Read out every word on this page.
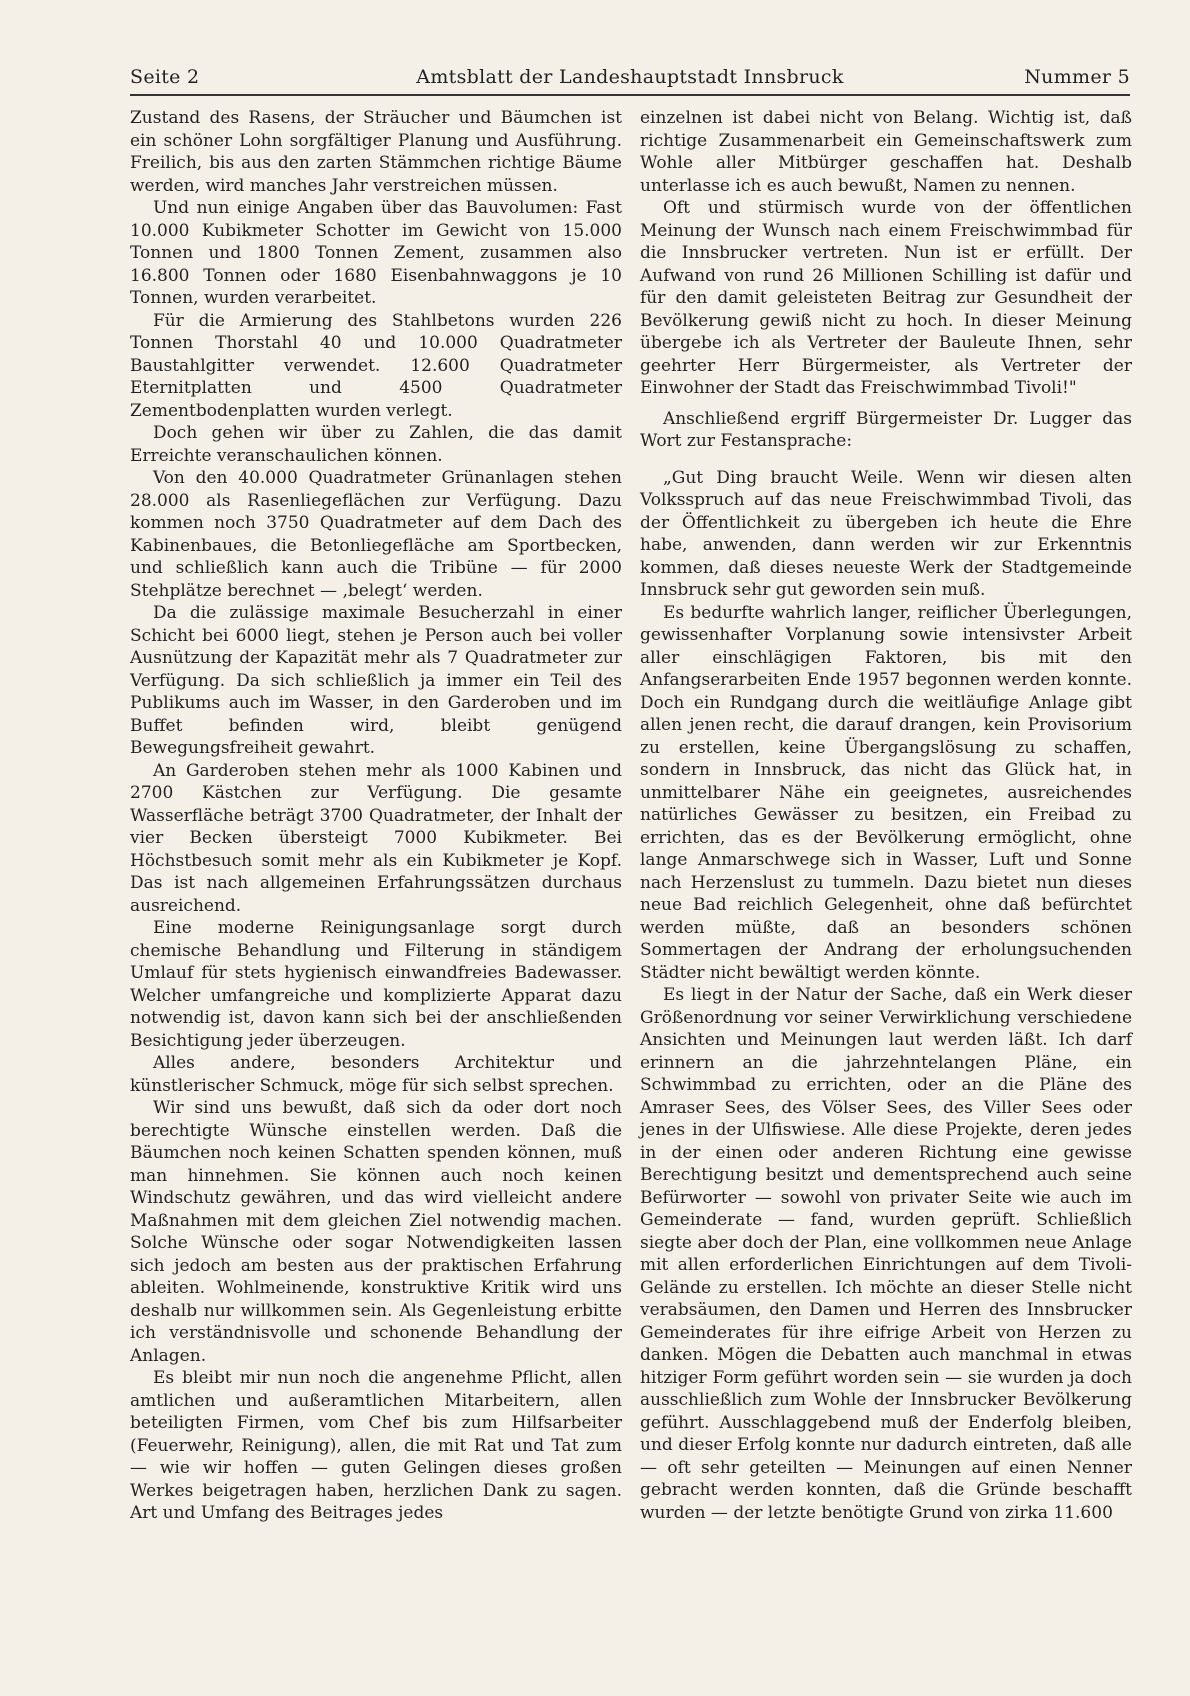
Seite 2	Amtsblatt der Landeshauptstadt Innsbruck	Nummer 5

Zustand des Rasens, der Sträucher und Bäumchen ist ein schöner Lohn sorgfältiger Planung und Ausführung. Freilich, bis aus den zarten Stämmchen richtige Bäume werden, wird manches Jahr verstreichen müssen.

Und nun einige Angaben über das Bauvolumen: Fast 10.000 Kubikmeter Schotter im Gewicht von 15.000 Tonnen und 1800 Tonnen Zement, zusammen also 16.800 Tonnen oder 1680 Eisenbahnwaggons je 10 Tonnen, wurden verarbeitet.

Für die Armierung des Stahlbetons wurden 226 Tonnen Thorstahl 40 und 10.000 Quadratmeter Baustahlgitter verwendet. 12.600 Quadratmeter Eternitplatten und 4500 Quadratmeter Zementbodenplatten wurden verlegt.

Doch gehen wir über zu Zahlen, die das damit Erreichte veranschaulichen können.

Von den 40.000 Quadratmeter Grünanlagen stehen 28.000 als Rasenliegeflächen zur Verfügung. Dazu kommen noch 3750 Quadratmeter auf dem Dach des Kabinenbaues, die Betonliegefläche am Sportbecken, und schließlich kann auch die Tribüne — für 2000 Stehplätze berechnet — ‚belegt‘ werden.

Da die zulässige maximale Besucherzahl in einer Schicht bei 6000 liegt, stehen je Person auch bei voller Ausnützung der Kapazität mehr als 7 Quadratmeter zur Verfügung. Da sich schließlich ja immer ein Teil des Publikums auch im Wasser, in den Garderoben und im Buffet befinden wird, bleibt genügend Bewegungsfreiheit gewahrt.

An Garderoben stehen mehr als 1000 Kabinen und 2700 Kästchen zur Verfügung. Die gesamte Wasserfläche beträgt 3700 Quadratmeter, der Inhalt der vier Becken übersteigt 7000 Kubikmeter. Bei Höchstbesuch somit mehr als ein Kubikmeter je Kopf. Das ist nach allgemeinen Erfahrungssätzen durchaus ausreichend.

Eine moderne Reinigungsanlage sorgt durch chemische Behandlung und Filterung in ständigem Umlauf für stets hygienisch einwandfreies Badewasser. Welcher umfangreiche und komplizierte Apparat dazu notwendig ist, davon kann sich bei der anschließenden Besichtigung jeder überzeugen.

Alles andere, besonders Architektur und künstlerischer Schmuck, möge für sich selbst sprechen.

Wir sind uns bewußt, daß sich da oder dort noch berechtigte Wünsche einstellen werden. Daß die Bäumchen noch keinen Schatten spenden können, muß man hinnehmen. Sie können auch noch keinen Windschutz gewähren, und das wird vielleicht andere Maßnahmen mit dem gleichen Ziel notwendig machen. Solche Wünsche oder sogar Notwendigkeiten lassen sich jedoch am besten aus der praktischen Erfahrung ableiten. Wohlmeinende, konstruktive Kritik wird uns deshalb nur willkommen sein. Als Gegenleistung erbitte ich verständnisvolle und schonende Behandlung der Anlagen.

Es bleibt mir nun noch die angenehme Pflicht, allen amtlichen und außeramtlichen Mitarbeitern, allen beteiligten Firmen, vom Chef bis zum Hilfsarbeiter (Feuerwehr, Reinigung), allen, die mit Rat und Tat zum — wie wir hoffen — guten Gelingen dieses großen Werkes beigetragen haben, herzlichen Dank zu sagen. Art und Umfang des Beitrages jedes

einzelnen ist dabei nicht von Belang. Wichtig ist, daß richtige Zusammenarbeit ein Gemeinschaftswerk zum Wohle aller Mitbürger geschaffen hat. Deshalb unterlasse ich es auch bewußt, Namen zu nennen.

Oft und stürmisch wurde von der öffentlichen Meinung der Wunsch nach einem Freischwimmbad für die Innsbrucker vertreten. Nun ist er erfüllt. Der Aufwand von rund 26 Millionen Schilling ist dafür und für den damit geleisteten Beitrag zur Gesundheit der Bevölkerung gewiß nicht zu hoch. In dieser Meinung übergebe ich als Vertreter der Bauleute Ihnen, sehr geehrter Herr Bürgermeister, als Vertreter der Einwohner der Stadt das Freischwimmbad Tivoli!"

Anschließend ergriff Bürgermeister Dr. Lugger das Wort zur Festansprache:

„Gut Ding braucht Weile. Wenn wir diesen alten Volksspruch auf das neue Freischwimmbad Tivoli, das der Öffentlichkeit zu übergeben ich heute die Ehre habe, anwenden, dann werden wir zur Erkenntnis kommen, daß dieses neueste Werk der Stadtgemeinde Innsbruck sehr gut geworden sein muß.

Es bedurfte wahrlich langer, reiflicher Überlegungen, gewissenhafter Vorplanung sowie intensivster Arbeit aller einschlägigen Faktoren, bis mit den Anfangserarbeiten Ende 1957 begonnen werden konnte. Doch ein Rundgang durch die weitläufige Anlage gibt allen jenen recht, die darauf drangen, kein Provisorium zu erstellen, keine Übergangslösung zu schaffen, sondern in Innsbruck, das nicht das Glück hat, in unmittelbarer Nähe ein geeignetes, ausreichendes natürliches Gewässer zu besitzen, ein Freibad zu errichten, das es der Bevölkerung ermöglicht, ohne lange Anmarschwege sich in Wasser, Luft und Sonne nach Herzenslust zu tummeln. Dazu bietet nun dieses neue Bad reichlich Gelegenheit, ohne daß befürchtet werden müßte, daß an besonders schönen Sommertagen der Andrang der erholungsuchenden Städter nicht bewältigt werden könnte.

Es liegt in der Natur der Sache, daß ein Werk dieser Größenordnung vor seiner Verwirklichung verschiedene Ansichten und Meinungen laut werden läßt. Ich darf erinnern an die jahrzehntelangen Pläne, ein Schwimmbad zu errichten, oder an die Pläne des Amraser Sees, des Völser Sees, des Viller Sees oder jenes in der Ulfiswiese. Alle diese Projekte, deren jedes in der einen oder anderen Richtung eine gewisse Berechtigung besitzt und dementsprechend auch seine Befürworter — sowohl von privater Seite wie auch im Gemeinderate — fand, wurden geprüft. Schließlich siegte aber doch der Plan, eine vollkommen neue Anlage mit allen erforderlichen Einrichtungen auf dem Tivoli-Gelände zu erstellen. Ich möchte an dieser Stelle nicht verabsäumen, den Damen und Herren des Innsbrucker Gemeinderates für ihre eifrige Arbeit von Herzen zu danken. Mögen die Debatten auch manchmal in etwas hitziger Form geführt worden sein — sie wurden ja doch ausschließlich zum Wohle der Innsbrucker Bevölkerung geführt. Ausschlaggebend muß der Enderfolg bleiben, und dieser Erfolg konnte nur dadurch eintreten, daß alle — oft sehr geteilten — Meinungen auf einen Nenner gebracht werden konnten, daß die Gründe beschafft wurden — der letzte benötigte Grund von zirka 11.600
